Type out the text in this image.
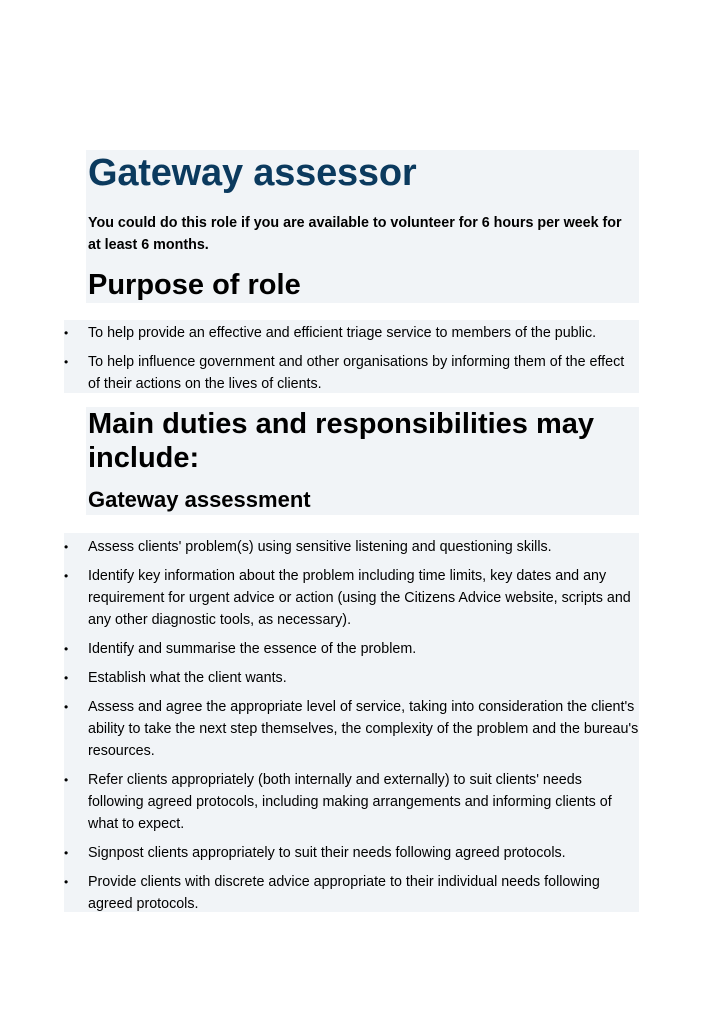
Gateway assessor

You could do this role if you are available to volunteer for 6 hours per week for at least 6 months.

Purpose of role
• To help provide an effective and efficient triage service to members of the public.
• To help influence government and other organisations by informing them of the effect of their actions on the lives of clients.
Main duties and responsibilities may include:
Gateway assessment
• Assess clients' problem(s) using sensitive listening and questioning skills.
• Identify key information about the problem including time limits, key dates and any requirement for urgent advice or action (using the Citizens Advice website, scripts and any other diagnostic tools, as necessary).
• Identify and summarise the essence of the problem.
• Establish what the client wants.
• Assess and agree the appropriate level of service, taking into consideration the client's ability to take the next step themselves, the complexity of the problem and the bureau's resources.
• Refer clients appropriately (both internally and externally) to suit clients' needs following agreed protocols, including making arrangements and informing clients of what to expect.
• Signpost clients appropriately to suit their needs following agreed protocols.
• Provide clients with discrete advice appropriate to their individual needs following agreed protocols.
